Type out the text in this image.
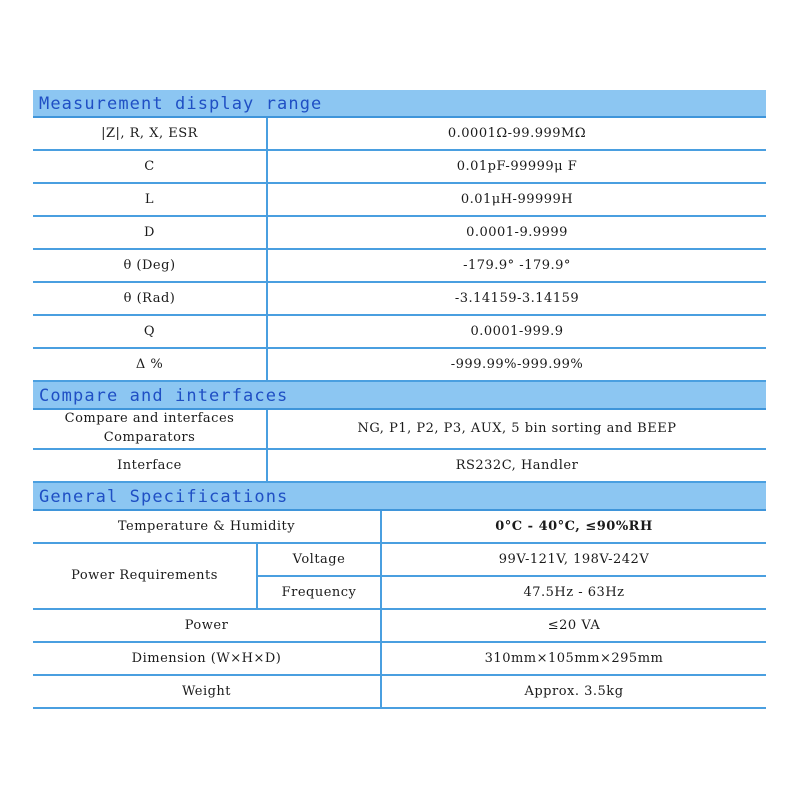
Measurement display range
|Z|, R, X, ESR	0.0001Ω-99.999MΩ
C	0.01pF-99999μ F
L	0.01μH-99999H
D	0.0001-9.9999
θ (Deg)	-179.9° -179.9°
θ (Rad)	-3.14159-3.14159
Q	0.0001-999.9
Δ %	-999.99%-999.99%
Compare and interfaces
Compare and interfaces
Comparators	NG, P1, P2, P3, AUX, 5 bin sorting and BEEP
Interface	RS232C, Handler
General Specifications
Temperature & Humidity		0°C - 40°C, ≤90%RH
Power Requirements	Voltage	99V-121V, 198V-242V
	Frequency	47.5Hz - 63Hz
Power		≤20 VA
Dimension (W×H×D)		310mm×105mm×295mm
Weight		Approx. 3.5kg
